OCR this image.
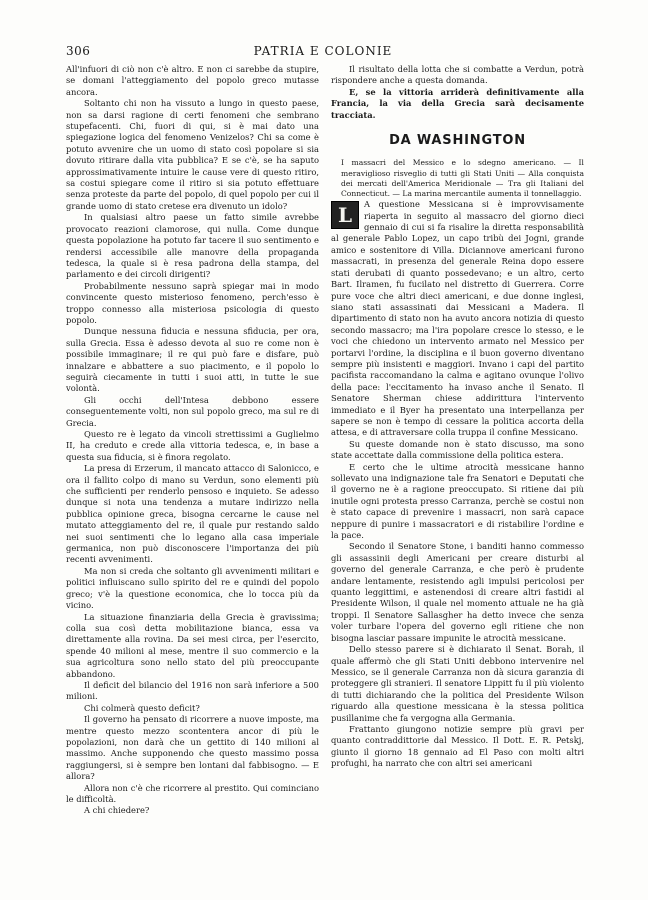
306	PATRIA E COLONIE

All'infuori di ciò non c'è altro. E non ci sarebbe da stupire, se domani l'atteggiamento del popolo greco mutasse ancora.

Soltanto chi non ha vissuto a lungo in questo paese, non sa darsi ragione di certi fenomeni che sembrano stupefacenti. Chi, fuori di qui, si è mai dato una spiegazione logica del fenomeno Venizelos? Chi sa come è potuto avvenire che un uomo di stato così popolare si sia dovuto ritirare dalla vita pubblica? E se c'è, se ha saputo approssimativamente intuire le cause vere di questo ritiro, sa costui spiegare come il ritiro si sia potuto effettuare senza proteste da parte del popolo, di quel popolo per cui il grande uomo di stato cretese era divenuto un idolo?

In qualsiasi altro paese un fatto simile avrebbe provocato reazioni clamorose, qui nulla. Come dunque questa popolazione ha potuto far tacere il suo sentimento e rendersi accessibile alle manovre della propaganda tedesca, la quale si è resa padrona della stampa, del parlamento e dei circoli dirigenti?

Probabilmente nessuno saprà spiegar mai in modo convincente questo misterioso fenomeno, perch'esso è troppo connesso alla misteriosa psicologia di questo popolo.

Dunque nessuna fiducia e nessuna sfiducia, per ora, sulla Grecia. Essa è adesso devota al suo re come non è possibile immaginare; il re qui può fare e disfare, può innalzare e abbattere a suo piacimento, e il popolo lo seguirà ciecamente in tutti i suoi atti, in tutte le sue volontà.

Gli occhi dell'Intesa debbono essere conseguentemente volti, non sul popolo greco, ma sul re di Grecia.

Questo re è legato da vincoli strettissimi a Guglielmo II, ha creduto e crede alla vittoria tedesca, e, in base a questa sua fiducia, si è finora regolato.

La presa di Erzerum, il mancato attacco di Salonicco, e ora il fallito colpo di mano su Verdun, sono elementi più che sufficienti per renderlo pensoso e inquieto. Se adesso dunque si nota una tendenza a mutare indirizzo nella pubblica opinione greca, bisogna cercarne le cause nel mutato atteggiamento del re, il quale pur restando saldo nei suoi sentimenti che lo legano alla casa imperiale germanica, non può disconoscere l'importanza dei più recenti avvenimenti.

Ma non si creda che soltanto gli avvenimenti militari e politici influiscano sullo spirito del re e quindi del popolo greco; v'è la questione economica, che lo tocca più da vicino.

La situazione finanziaria della Grecia è gravissima; colla sua così detta mobilitazione bianca, essa va direttamente alla rovina. Da sei mesi circa, per l'esercito, spende 40 milioni al mese, mentre il suo commercio e la sua agricoltura sono nello stato del più preoccupante abbandono.

Il deficit del bilancio del 1916 non sarà inferiore a 500 milioni.

Chi colmerà questo deficit?

Il governo ha pensato di ricorrere a nuove imposte, ma mentre questo mezzo scontentera ancor di più le popolazioni, non darà che un gettito di 140 milioni al massimo. Anche supponendo che questo massimo possa raggiungersi, si è sempre ben lontani dal fabbisogno. — E allora?

Allora non c'è che ricorrere al prestito. Qui cominciano le difficoltà.

A chi chiedere?

Il risultato della lotta che si combatte a Verdun, potrà rispondere anche a questa domanda.

E, se la vittoria arriderà definitivamente alla Francia, la via della Grecia sarà decisamente tracciata.

DA WASHINGTON

I massacri del Messico e lo sdegno americano. — Il meraviglioso risveglio di tutti gli Stati Uniti — Alla conquista dei mercati dell'America Meridionale — Tra gli Italiani del Connecticut. — La marina mercantile aumenta il tonnellaggio.

L	A questione Messicana si è improvvisamente riaperta in seguito al massacro del giorno dieci gennaio di cui si fa risalire la diretta responsabilità al generale Pablo Lopez, un capo tribù dei Jogni, grande amico e sostenitore di Villa. Diciannove americani furono massacrati, in presenza del generale Reina dopo essere stati derubati di quanto possedevano; e un altro, certo Bart. Ilramen, fu fucilato nel distretto di Guerrera. Corre pure voce che altri dieci americani, e due donne inglesi, siano stati assassinati dai Messicani a Madera. Il dipartimento di stato non ha avuto ancora notizia di questo secondo massacro; ma l'ira popolare cresce lo stesso, e le voci che chiedono un intervento armato nel Messico per portarvi l'ordine, la disciplina e il buon governo diventano sempre più insistenti e maggiori. Invano i capi del partito pacifista raccomandano la calma e agitano ovunque l'olivo della pace: l'eccitamento ha invaso anche il Senato. Il Senatore Sherman chiese addirittura l'intervento immediato e il Byer ha presentato una interpellanza per sapere se non è tempo di cessare la politica accorta della attesa, e di attraversare colla truppa il confine Messicano.

Su queste domande non è stato discusso, ma sono state accettate dalla commissione della politica estera.

E certo che le ultime atrocità messicane hanno sollevato una indignazione tale fra Senatori e Deputati che il governo ne è a ragione preoccupato. Si ritiene dai più inutile ogni protesta presso Carranza, perchè se costui non è stato capace di prevenire i massacri, non sarà capace neppure di punire i massacratori e di ristabilire l'ordine e la pace.

Secondo il Senatore Stone, i banditi hanno commesso gli assassinii degli Americani per creare disturbi al governo del generale Carranza, e che però è prudente andare lentamente, resistendo agli impulsi pericolosi per quanto leggittimi, e astenendosi di creare altri fastidi al Presidente Wilson, il quale nel momento attuale ne ha già troppi. Il Senatore Sallasgher ha detto invece che senza voler turbare l'opera del governo egli ritiene che non bisogna lasciar passare impunite le atrocità messicane.

Dello stesso parere si è dichiarato il Senat. Borah, il quale affermò che gli Stati Uniti debbono intervenire nel Messico, se il generale Carranza non dà sicura garanzia di proteggere gli stranieri. Il senatore Lippitt fu il più violento di tutti dichiarando che la politica del Presidente Wilson riguardo alla questione messicana è la stessa politica pusillanime che fa vergogna alla Germania.

Frattanto giungono notizie sempre più gravi per quanto contraddittorie dal Messico. Il Dott. E. R. Petskj, giunto il giorno 18 gennaio ad El Paso con molti altri profughi, ha narrato che con altri sei americani
